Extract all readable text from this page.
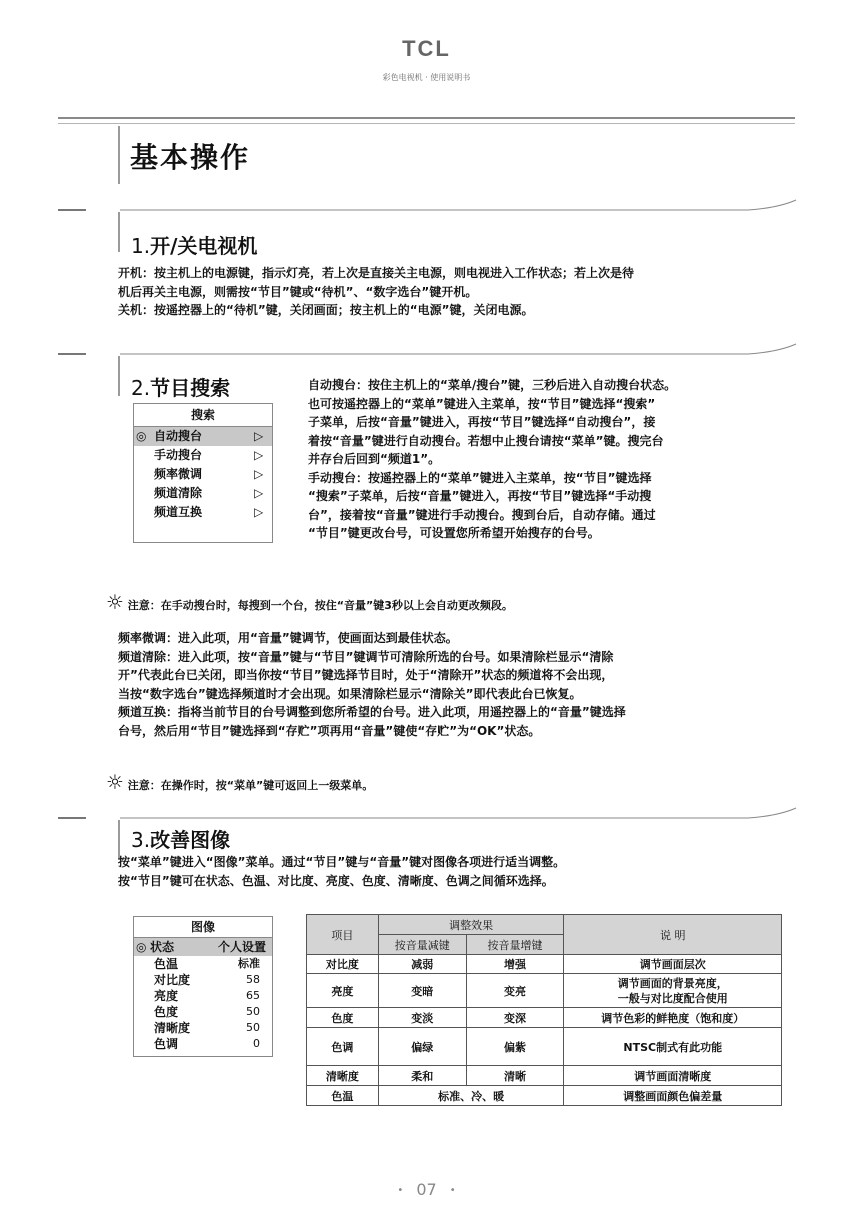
TCL
彩色电视机 · 使用说明书
基本操作
1.开/关电视机
开机：按主机上的电源键，指示灯亮，若上次是直接关主电源，则电视进入工作状态；若上次是待
机后再关主电源，则需按“节目”键或“待机”、“数字选台”键开机。
关机：按遥控器上的“待机”键，关闭画面；按主机上的“电源”键，关闭电源。
2.节目搜索
搜索
◎ 自动搜台	▷
手动搜台	▷
频率微调	▷
频道清除	▷
频道互换	▷
自动搜台：按住主机上的“菜单/搜台”键，三秒后进入自动搜台状态。
也可按遥控器上的“菜单”键进入主菜单，按“节目”键选择“搜索”
子菜单，后按“音量”键进入，再按“节目”键选择“自动搜台”，接
着按“音量”键进行自动搜台。若想中止搜台请按“菜单”键。搜完台
并存台后回到“频道1”。
手动搜台：按遥控器上的“菜单”键进入主菜单，按“节目”键选择
“搜索”子菜单，后按“音量”键进入，再按“节目”键选择“手动搜
台”，接着按“音量”键进行手动搜台。搜到台后，自动存储。通过
“节目”键更改台号，可设置您所希望开始搜存的台号。
☼ 注意：在手动搜台时，每搜到一个台，按住“音量”键3秒以上会自动更改频段。
频率微调：进入此项，用“音量”键调节，使画面达到最佳状态。
频道清除：进入此项，按“音量”键与“节目”键调节可清除所选的台号。如果清除栏显示“清除
开”代表此台已关闭，即当你按“节目”键选择节目时，处于“清除开”状态的频道将不会出现，
当按“数字选台”键选择频道时才会出现。如果清除栏显示“清除关”即代表此台已恢复。
频道互换：指将当前节目的台号调整到您所希望的台号。进入此项，用遥控器上的“音量”键选择
台号，然后用“节目”键选择到“存贮”项再用“音量”键使“存贮”为“OK”状态。
☼ 注意：在操作时，按“菜单”键可返回上一级菜单。
3.改善图像
按“菜单”键进入“图像”菜单。通过“节目”键与“音量”键对图像各项进行适当调整。
按“节目”键可在状态、色温、对比度、亮度、色度、清晰度、色调之间循环选择。
图像
◎ 状态	个人设置
色温	标准
对比度	58
亮度	65
色度	50
清晰度	50
色调	0
项目	调整效果		说 明
	按音量减键	按音量增键	
对比度	减弱	增强	调节画面层次
亮度	变暗	变亮	调节画面的背景亮度，
一般与对比度配合使用

色度	变淡	变深	调节色彩的鲜艳度（饱和度）
色调	偏绿	偏紫	NTSC制式有此功能
清晰度	柔和	清晰	调节画面清晰度
色温	标准、冷、暖		调整画面颜色偏差量
• 07 •
